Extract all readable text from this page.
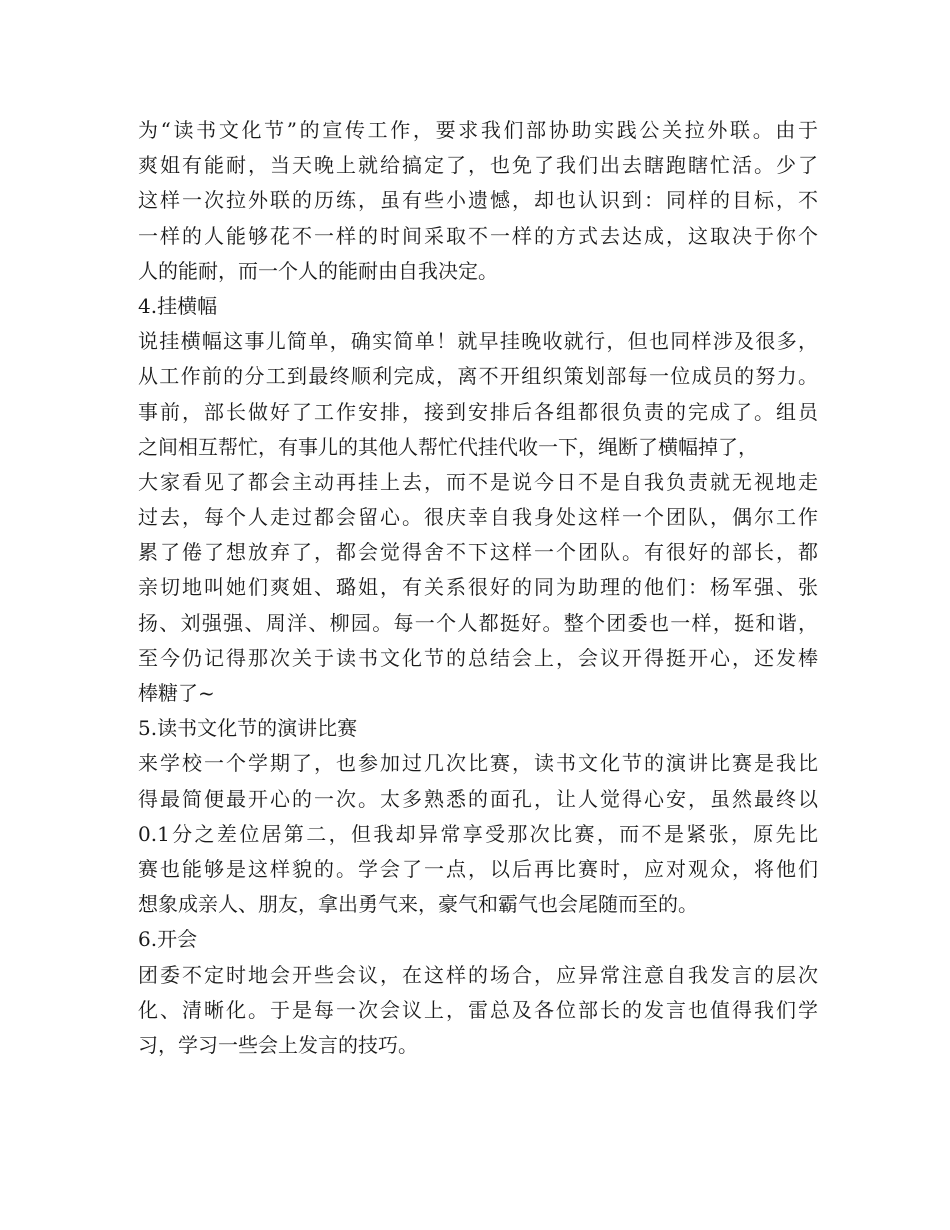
为“读书文化节”的宣传工作，要求我们部协助实践公关拉外联。由于
爽姐有能耐，当天晚上就给搞定了，也免了我们出去瞎跑瞎忙活。少了
这样一次拉外联的历练，虽有些小遗憾，却也认识到：同样的目标，不
一样的人能够花不一样的时间采取不一样的方式去达成，这取决于你个
人的能耐，而一个人的能耐由自我决定。
4.挂横幅
说挂横幅这事儿简单，确实简单！就早挂晚收就行，但也同样涉及很多，
从工作前的分工到最终顺利完成，离不开组织策划部每一位成员的努力。
事前，部长做好了工作安排，接到安排后各组都很负责的完成了。组员
之间相互帮忙，有事儿的其他人帮忙代挂代收一下，绳断了横幅掉了，
大家看见了都会主动再挂上去，而不是说今日不是自我负责就无视地走
过去，每个人走过都会留心。很庆幸自我身处这样一个团队，偶尔工作
累了倦了想放弃了，都会觉得舍不下这样一个团队。有很好的部长，都
亲切地叫她们爽姐、璐姐，有关系很好的同为助理的他们：杨军强、张
扬、刘强强、周洋、柳园。每一个人都挺好。整个团委也一样，挺和谐，
至今仍记得那次关于读书文化节的总结会上，会议开得挺开心，还发棒
棒糖了~
5.读书文化节的演讲比赛
来学校一个学期了，也参加过几次比赛，读书文化节的演讲比赛是我比
得最简便最开心的一次。太多熟悉的面孔，让人觉得心安，虽然最终以
0.1分之差位居第二，但我却异常享受那次比赛，而不是紧张，原先比
赛也能够是这样貌的。学会了一点，以后再比赛时，应对观众，将他们
想象成亲人、朋友，拿出勇气来，豪气和霸气也会尾随而至的。
6.开会
团委不定时地会开些会议，在这样的场合，应异常注意自我发言的层次
化、清晰化。于是每一次会议上，雷总及各位部长的发言也值得我们学
习，学习一些会上发言的技巧。
